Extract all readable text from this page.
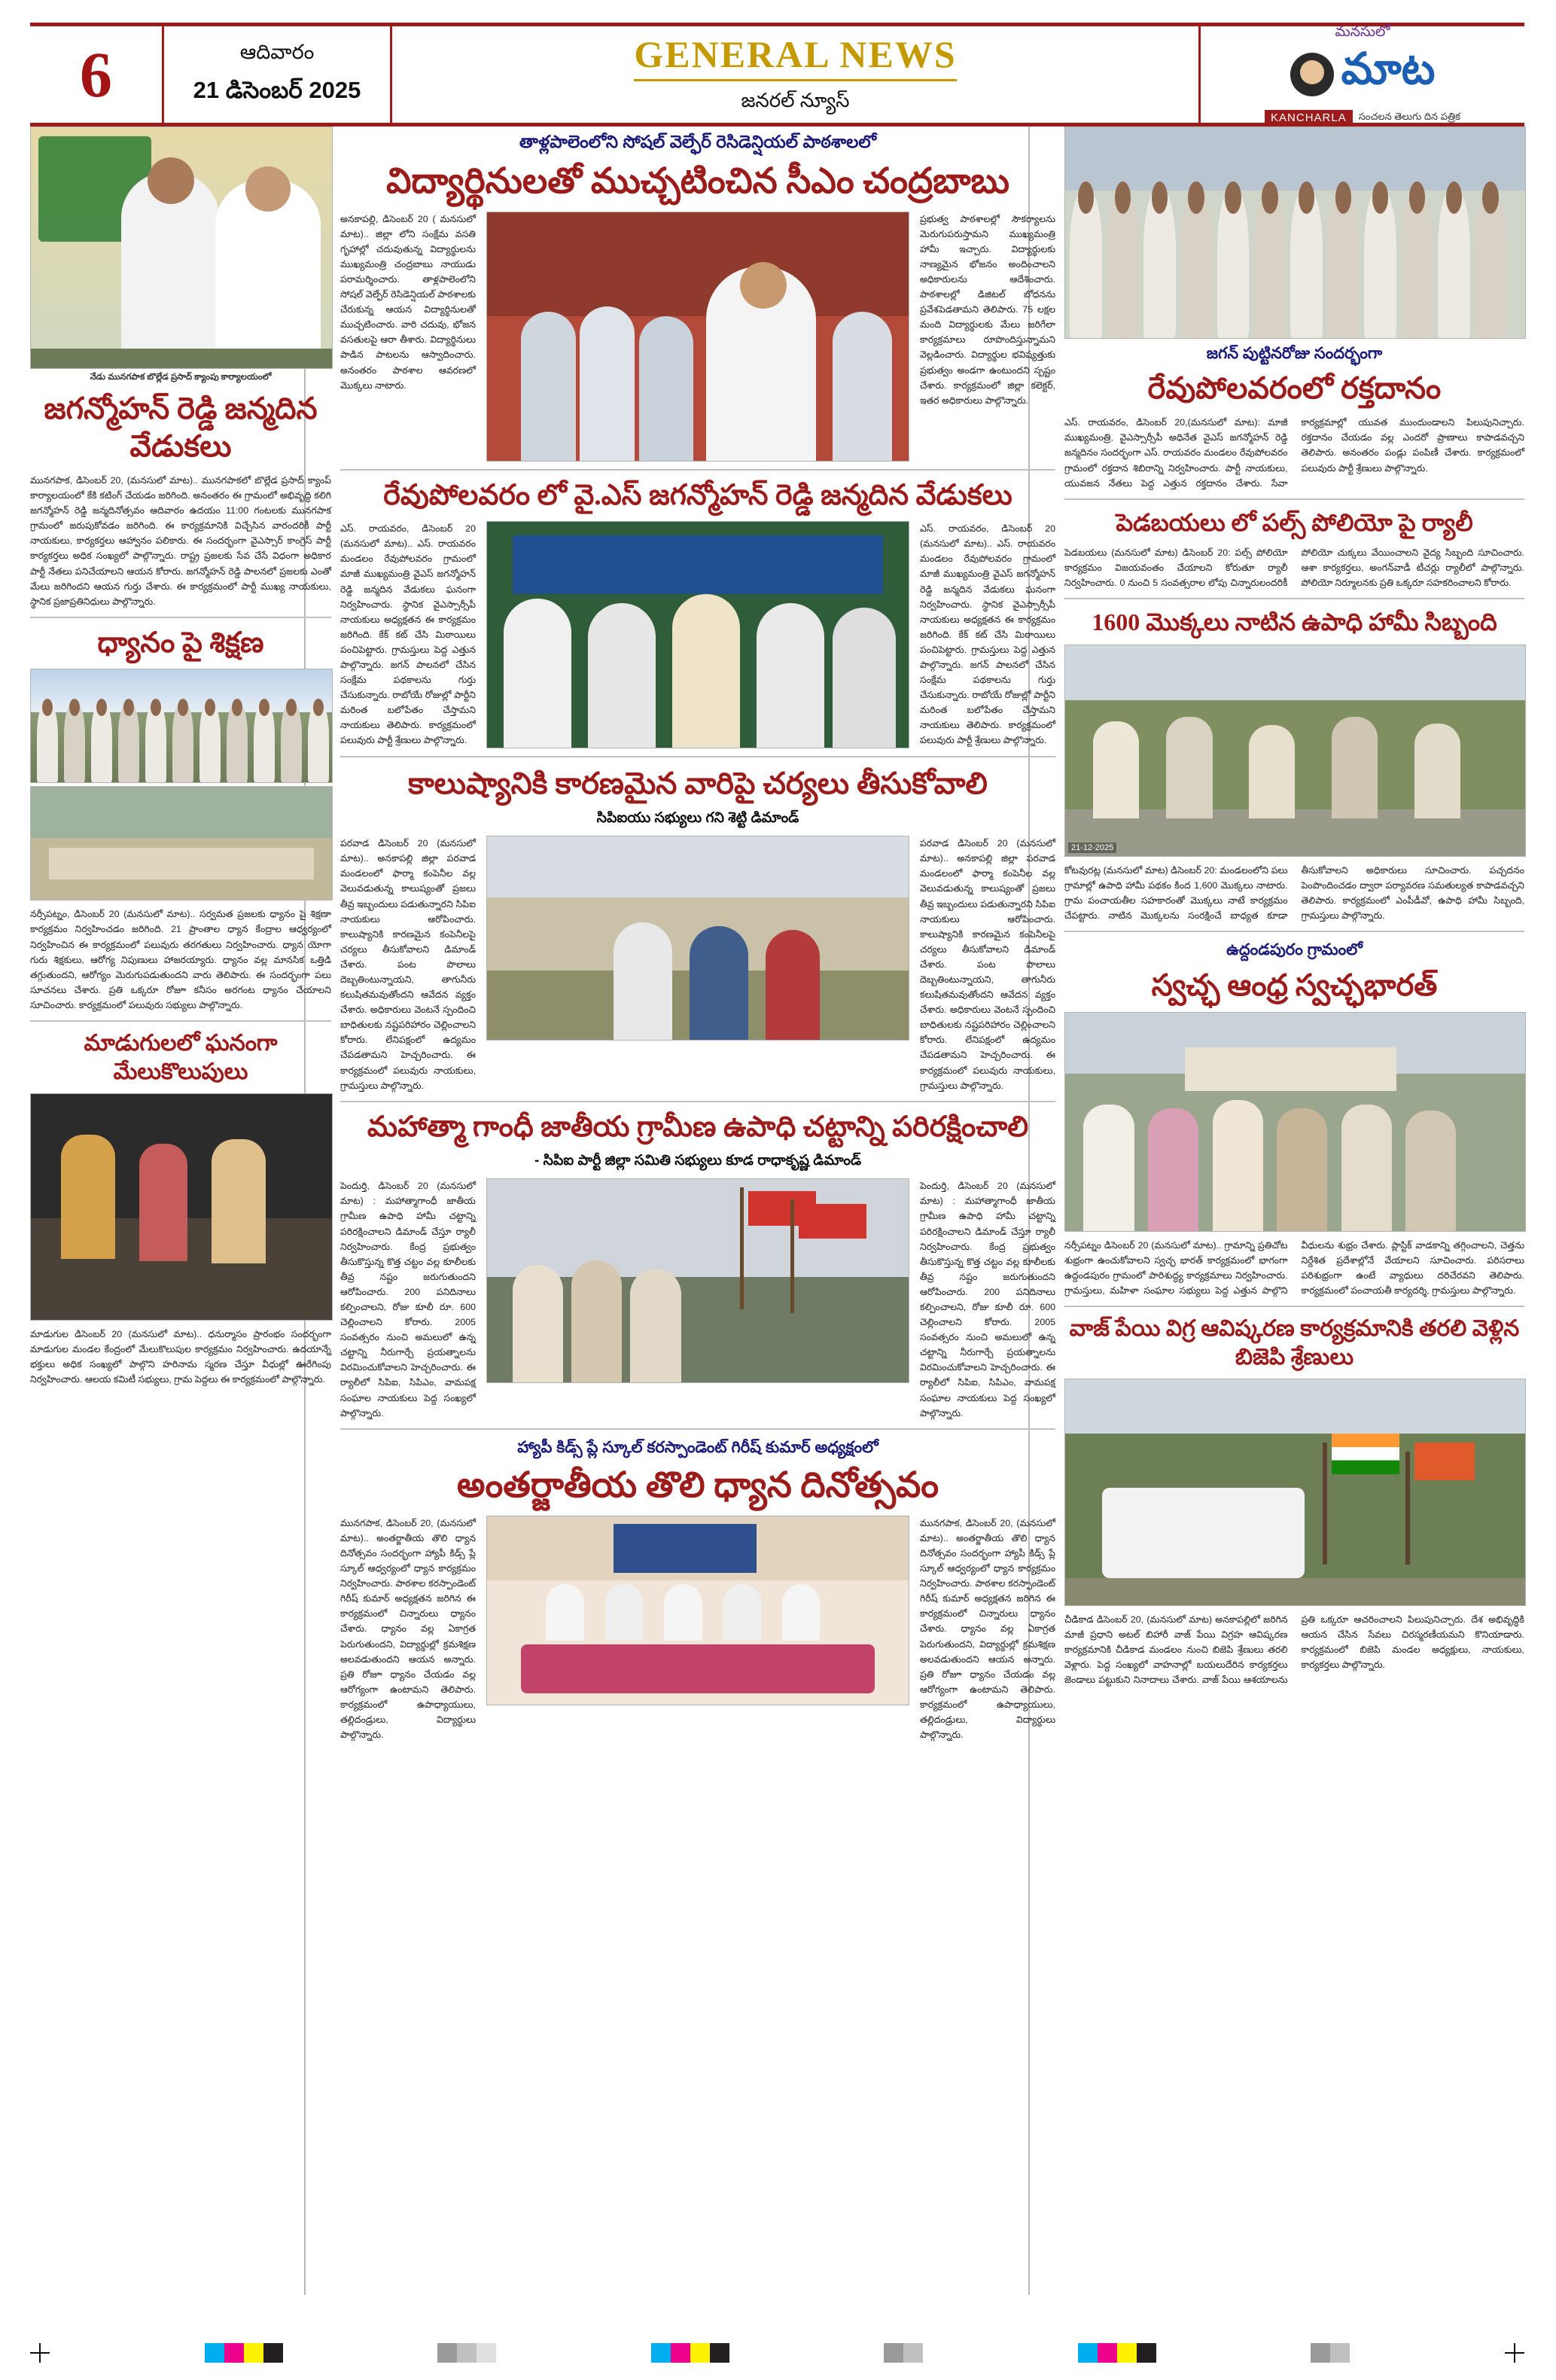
6	ఆదివారం
21 డిసెంబర్ 2025
GENERAL NEWS
జనరల్ న్యూస్
మనసులో
మాట
KANCHARLA	సంచలన తెలుగు దిన పత్రిక
నేడు మునగపాక బొల్లేడ ప్రసాద్ క్యాంపు కార్యాలయంలో
జగన్మోహన్ రెడ్డి జన్మదిన వేడుకలు
మునగపాక, డిసెంబర్ 20, (మనసులో మాట).. మునగపాకలో బొల్లేడ ప్రసాద్ క్యాంప్ కార్యాలయంలో కేకి కటింగ్ చేయడం జరిగింది. అనంతరం ఈ గ్రామంలో అభివృద్ధి కలిగి జగన్మోహన్ రెడ్డి జన్మదినోత్సవం ఆదివారం ఉదయం 11:00 గంటలకు మునగపాక గ్రామంలో జరుపుకోవడం జరిగింది. ఈ కార్యక్రమానికి విచ్చేసిన వారందరికీ పార్టీ నాయకులు, కార్యకర్తలు ఆహ్వానం పలికారు. ఈ సందర్భంగా వైఎస్సార్ కాంగ్రెస్ పార్టీ కార్యకర్తలు అధిక సంఖ్యలో పాల్గొన్నారు. రాష్ట్ర ప్రజలకు సేవ చేసే విధంగా అధికార పార్టీ నేతలు పనిచేయాలని ఆయన కోరారు. జగన్మోహన్ రెడ్డి పాలనలో ప్రజలకు ఎంతో మేలు జరిగిందని ఆయన గుర్తు చేశారు. ఈ కార్యక్రమంలో పార్టీ ముఖ్య నాయకులు, స్థానిక ప్రజాప్రతినిధులు పాల్గొన్నారు.
ధ్యానం పై శిక్షణ
నర్సీపట్నం, డిసెంబర్ 20 (మనసులో మాట).. సర్వమత ప్రజలకు ధ్యానం పై శిక్షణా కార్యక్రమం నిర్వహించడం జరిగింది. 21 ప్రాంతాల ధ్యాన కేంద్రాల ఆధ్వర్యంలో నిర్వహించిన ఈ కార్యక్రమంలో పలువురు తరగతులు నిర్వహించారు. ధ్యాన యోగా గురు శిక్షకులు, ఆరోగ్య నిపుణులు హాజరయ్యారు. ధ్యానం వల్ల మానసిక ఒత్తిడి తగ్గుతుందని, ఆరోగ్యం మెరుగుపడుతుందని వారు తెలిపారు. ఈ సందర్భంగా పలు సూచనలు చేశారు. ప్రతి ఒక్కరూ రోజూ కనీసం అరగంట ధ్యానం చేయాలని సూచించారు. కార్యక్రమంలో పలువురు సభ్యులు పాల్గొన్నారు.
మాడుగులలో ఘనంగా మేలుకొలుపులు
మాడుగుల డిసెంబర్ 20 (మనసులో మాట).. ధనుర్మాసం ప్రారంభం సందర్భంగా మాడుగుల మండల కేంద్రంలో మేలుకొలుపుల కార్యక్రమం నిర్వహించారు. ఉదయాన్నే భక్తులు అధిక సంఖ్యలో పాల్గొని హరినామ స్మరణ చేస్తూ వీధుల్లో ఊరేగింపు నిర్వహించారు. ఆలయ కమిటీ సభ్యులు, గ్రామ పెద్దలు ఈ కార్యక్రమంలో పాల్గొన్నారు.
తాళ్లపాలెంలోని సోషల్ వెల్ఫేర్ రెసిడెన్షియల్ పాఠశాలలో
విద్యార్థినులతో ముచ్చటించిన సీఎం చంద్రబాబు
అనకాపల్లి, డిసెంబర్ 20 ( మనసులో మాట).. జిల్లా లోని సంక్షేమ వసతి గృహాల్లో చదువుతున్న విద్యార్థులను ముఖ్యమంత్రి చంద్రబాబు నాయుడు పరామర్శించారు. తాళ్లపాలెంలోని సోషల్ వెల్ఫేర్ రెసిడెన్షియల్ పాఠశాలకు చేరుకున్న ఆయన విద్యార్థినులతో ముచ్చటించారు. వారి చదువు, భోజన వసతులపై ఆరా తీశారు. విద్యార్థినులు పాడిన పాటలను ఆస్వాదించారు. అనంతరం పాఠశాల ఆవరణలో మొక్కలు నాటారు.
ప్రభుత్వ పాఠశాలల్లో సౌకర్యాలను మెరుగుపరుస్తామని ముఖ్యమంత్రి హామీ ఇచ్చారు. విద్యార్థులకు నాణ్యమైన భోజనం అందించాలని అధికారులను ఆదేశించారు. పాఠశాలల్లో డిజిటల్ బోధనను ప్రవేశపెడతామని తెలిపారు. 75 లక్షల మంది విద్యార్థులకు మేలు జరిగేలా కార్యక్రమాలు రూపొందిస్తున్నామని వెల్లడించారు. విద్యార్థుల భవిష్యత్తుకు ప్రభుత్వం అండగా ఉంటుందని స్పష్టం చేశారు. కార్యక్రమంలో జిల్లా కలెక్టర్, ఇతర అధికారులు పాల్గొన్నారు.
రేవుపోలవరం లో వై.ఎస్ జగన్మోహన్ రెడ్డి జన్మదిన వేడుకలు
ఎస్. రాయవరం, డిసెంబర్ 20 (మనసులో మాట).. ఎస్. రాయవరం మండలం రేవుపోలవరం గ్రామంలో మాజీ ముఖ్యమంత్రి వైఎస్ జగన్మోహన్ రెడ్డి జన్మదిన వేడుకలు ఘనంగా నిర్వహించారు. స్థానిక వైఎస్సార్సీపీ నాయకులు అధ్యక్షతన ఈ కార్యక్రమం జరిగింది. కేక్ కట్ చేసి మిఠాయిలు పంచిపెట్టారు. గ్రామస్తులు పెద్ద ఎత్తున పాల్గొన్నారు. జగన్ పాలనలో చేసిన సంక్షేమ పథకాలను గుర్తు చేసుకున్నారు. రాబోయే రోజుల్లో పార్టీని మరింత బలోపేతం చేస్తామని నాయకులు తెలిపారు. కార్యక్రమంలో పలువురు పార్టీ శ్రేణులు పాల్గొన్నారు.
ఎస్. రాయవరం, డిసెంబర్ 20 (మనసులో మాట).. ఎస్. రాయవరం మండలం రేవుపోలవరం గ్రామంలో మాజీ ముఖ్యమంత్రి వైఎస్ జగన్మోహన్ రెడ్డి జన్మదిన వేడుకలు ఘనంగా నిర్వహించారు. స్థానిక వైఎస్సార్సీపీ నాయకులు అధ్యక్షతన ఈ కార్యక్రమం జరిగింది. కేక్ కట్ చేసి మిఠాయిలు పంచిపెట్టారు. గ్రామస్తులు పెద్ద ఎత్తున పాల్గొన్నారు. జగన్ పాలనలో చేసిన సంక్షేమ పథకాలను గుర్తు చేసుకున్నారు. రాబోయే రోజుల్లో పార్టీని మరింత బలోపేతం చేస్తామని నాయకులు తెలిపారు. కార్యక్రమంలో పలువురు పార్టీ శ్రేణులు పాల్గొన్నారు.
కాలుష్యానికి కారణమైన వారిపై చర్యలు తీసుకోవాలి
సిపిఐయు సభ్యులు గని శెట్టి డిమాండ్
పరవాడ డిసెంబర్ 20 (మనసులో మాట).. అనకాపల్లి జిల్లా పరవాడ మండలంలో ఫార్మా కంపెనీల వల్ల వెలువడుతున్న కాలుష్యంతో ప్రజలు తీవ్ర ఇబ్బందులు పడుతున్నారని సిపిఐ నాయకులు ఆరోపించారు. కాలుష్యానికి కారణమైన కంపెనీలపై చర్యలు తీసుకోవాలని డిమాండ్ చేశారు. పంట పొలాలు దెబ్బతింటున్నాయని, తాగునీరు కలుషితమవుతోందని ఆవేదన వ్యక్తం చేశారు. అధికారులు వెంటనే స్పందించి బాధితులకు నష్టపరిహారం చెల్లించాలని కోరారు. లేనిపక్షంలో ఉద్యమం చేపడతామని హెచ్చరించారు. ఈ కార్యక్రమంలో పలువురు నాయకులు, గ్రామస్తులు పాల్గొన్నారు.
పరవాడ డిసెంబర్ 20 (మనసులో మాట).. అనకాపల్లి జిల్లా పరవాడ మండలంలో ఫార్మా కంపెనీల వల్ల వెలువడుతున్న కాలుష్యంతో ప్రజలు తీవ్ర ఇబ్బందులు పడుతున్నారని సిపిఐ నాయకులు ఆరోపించారు. కాలుష్యానికి కారణమైన కంపెనీలపై చర్యలు తీసుకోవాలని డిమాండ్ చేశారు. పంట పొలాలు దెబ్బతింటున్నాయని, తాగునీరు కలుషితమవుతోందని ఆవేదన వ్యక్తం చేశారు. అధికారులు వెంటనే స్పందించి బాధితులకు నష్టపరిహారం చెల్లించాలని కోరారు. లేనిపక్షంలో ఉద్యమం చేపడతామని హెచ్చరించారు. ఈ కార్యక్రమంలో పలువురు నాయకులు, గ్రామస్తులు పాల్గొన్నారు.
మహాత్మా గాంధీ జాతీయ గ్రామీణ ఉపాధి చట్టాన్ని పరిరక్షించాలి
- సిపిఐ పార్టీ జిల్లా సమితి సభ్యులు కూడ రాధాకృష్ణ డిమాండ్
పెందుర్తి, డిసెంబర్ 20 (మనసులో మాట) : మహాత్మాగాంధీ జాతీయ గ్రామీణ ఉపాధి హామీ చట్టాన్ని పరిరక్షించాలని డిమాండ్ చేస్తూ ర్యాలీ నిర్వహించారు. కేంద్ర ప్రభుత్వం తీసుకొస్తున్న కొత్త చట్టం వల్ల కూలీలకు తీవ్ర నష్టం జరుగుతుందని ఆరోపించారు. 200 పనిదినాలు కల్పించాలని, రోజు కూలీ రూ. 600 చెల్లించాలని కోరారు. 2005 సంవత్సరం నుంచి అమలులో ఉన్న చట్టాన్ని నీరుగార్చే ప్రయత్నాలను విరమించుకోవాలని హెచ్చరించారు. ఈ ర్యాలీలో సిపిఐ, సిపిఎం, వామపక్ష సంఘాల నాయకులు పెద్ద సంఖ్యలో పాల్గొన్నారు.
పెందుర్తి, డిసెంబర్ 20 (మనసులో మాట) : మహాత్మాగాంధీ జాతీయ గ్రామీణ ఉపాధి హామీ చట్టాన్ని పరిరక్షించాలని డిమాండ్ చేస్తూ ర్యాలీ నిర్వహించారు. కేంద్ర ప్రభుత్వం తీసుకొస్తున్న కొత్త చట్టం వల్ల కూలీలకు తీవ్ర నష్టం జరుగుతుందని ఆరోపించారు. 200 పనిదినాలు కల్పించాలని, రోజు కూలీ రూ. 600 చెల్లించాలని కోరారు. 2005 సంవత్సరం నుంచి అమలులో ఉన్న చట్టాన్ని నీరుగార్చే ప్రయత్నాలను విరమించుకోవాలని హెచ్చరించారు. ఈ ర్యాలీలో సిపిఐ, సిపిఎం, వామపక్ష సంఘాల నాయకులు పెద్ద సంఖ్యలో పాల్గొన్నారు.
హ్యాపీ కిడ్స్ ప్లే స్కూల్ కరస్పాండెంట్ గిరీష్ కుమార్ అధ్యక్షంలో
అంతర్జాతీయ తొలి ధ్యాన దినోత్సవం
మునగపాక, డిసెంబర్ 20, (మనసులో మాట).. అంతర్జాతీయ తొలి ధ్యాన దినోత్సవం సందర్భంగా హ్యాపీ కిడ్స్ ప్లే స్కూల్ ఆధ్వర్యంలో ధ్యాన కార్యక్రమం నిర్వహించారు. పాఠశాల కరస్పాండెంట్ గిరీష్ కుమార్ అధ్యక్షతన జరిగిన ఈ కార్యక్రమంలో చిన్నారులు ధ్యానం చేశారు. ధ్యానం వల్ల ఏకాగ్రత పెరుగుతుందని, విద్యార్థుల్లో క్రమశిక్షణ అలవడుతుందని ఆయన అన్నారు. ప్రతి రోజూ ధ్యానం చేయడం వల్ల ఆరోగ్యంగా ఉంటామని తెలిపారు. కార్యక్రమంలో ఉపాధ్యాయులు, తల్లిదండ్రులు, విద్యార్థులు పాల్గొన్నారు.
మునగపాక, డిసెంబర్ 20, (మనసులో మాట).. అంతర్జాతీయ తొలి ధ్యాన దినోత్సవం సందర్భంగా హ్యాపీ కిడ్స్ ప్లే స్కూల్ ఆధ్వర్యంలో ధ్యాన కార్యక్రమం నిర్వహించారు. పాఠశాల కరస్పాండెంట్ గిరీష్ కుమార్ అధ్యక్షతన జరిగిన ఈ కార్యక్రమంలో చిన్నారులు ధ్యానం చేశారు. ధ్యానం వల్ల ఏకాగ్రత పెరుగుతుందని, విద్యార్థుల్లో క్రమశిక్షణ అలవడుతుందని ఆయన అన్నారు. ప్రతి రోజూ ధ్యానం చేయడం వల్ల ఆరోగ్యంగా ఉంటామని తెలిపారు. కార్యక్రమంలో ఉపాధ్యాయులు, తల్లిదండ్రులు, విద్యార్థులు పాల్గొన్నారు.
జగన్ పుట్టినరోజు సందర్భంగా
రేవుపోలవరంలో రక్తదానం
ఎస్. రాయవరం, డిసెంబర్ 20,(మనసులో మాట): మాజీ ముఖ్యమంత్రి, వైఎస్సార్సీపీ అధినేత వైఎస్ జగన్మోహన్ రెడ్డి జన్మదినం సందర్భంగా ఎస్. రాయవరం మండలం రేవుపోలవరం గ్రామంలో రక్తదాన శిబిరాన్ని నిర్వహించారు. పార్టీ నాయకులు, యువజన నేతలు పెద్ద ఎత్తున రక్తదానం చేశారు. సేవా కార్యక్రమాల్లో యువత ముందుండాలని పిలుపునిచ్చారు. రక్తదానం చేయడం వల్ల ఎందరో ప్రాణాలు కాపాడవచ్చని తెలిపారు. అనంతరం పండ్లు పంపిణీ చేశారు. కార్యక్రమంలో పలువురు పార్టీ శ్రేణులు పాల్గొన్నారు.
పెడబయలు లో పల్స్ పోలియో పై ర్యాలీ
పెడబయలు (మనసులో మాట) డిసెంబర్ 20: పల్స్ పోలియో కార్యక్రమం విజయవంతం చేయాలని కోరుతూ ర్యాలీ నిర్వహించారు. 0 నుంచి 5 సంవత్సరాల లోపు చిన్నారులందరికీ పోలియో చుక్కలు వేయించాలని వైద్య సిబ్బంది సూచించారు. ఆశా కార్యకర్తలు, అంగన్‌వాడీ టీచర్లు ర్యాలీలో పాల్గొన్నారు. పోలియో నిర్మూలనకు ప్రతి ఒక్కరూ సహకరించాలని కోరారు.
1600 మొక్కలు నాటిన ఉపాధి హామీ సిబ్బంది
21-12-2025
కోటవురట్ల (మనసులో మాట) డిసెంబర్ 20: మండలంలోని పలు గ్రామాల్లో ఉపాధి హామీ పథకం కింద 1,600 మొక్కలు నాటారు. గ్రామ పంచాయతీల సహకారంతో మొక్కలు నాటే కార్యక్రమం చేపట్టారు. నాటిన మొక్కలను సంరక్షించే బాధ్యత కూడా తీసుకోవాలని అధికారులు సూచించారు. పచ్చదనం పెంపొందించడం ద్వారా పర్యావరణ సమతుల్యత కాపాడవచ్చని తెలిపారు. కార్యక్రమంలో ఎంపీడీవో, ఉపాధి హామీ సిబ్బంది, గ్రామస్తులు పాల్గొన్నారు.
ఉద్దండపురం గ్రామంలో
స్వచ్ఛ ఆంధ్ర స్వచ్ఛభారత్
నర్సీపట్నం డిసెంబర్ 20 (మనసులో మాట).. గ్రామాన్ని ప్రతిచోట శుభ్రంగా ఉంచుకోవాలని స్వచ్ఛ భారత్ కార్యక్రమంలో భాగంగా ఉద్దండపురం గ్రామంలో పారిశుద్ధ్య కార్యక్రమాలు నిర్వహించారు. గ్రామస్తులు, మహిళా సంఘాల సభ్యులు పెద్ద ఎత్తున పాల్గొని వీధులను శుభ్రం చేశారు. ప్లాస్టిక్ వాడకాన్ని తగ్గించాలని, చెత్తను నిర్దేశిత ప్రదేశాల్లోనే వేయాలని సూచించారు. పరిసరాలు పరిశుభ్రంగా ఉంటే వ్యాధులు దరిచేరవని తెలిపారు. కార్యక్రమంలో పంచాయతీ కార్యదర్శి, గ్రామస్తులు పాల్గొన్నారు.
వాజ్ పేయి విగ్ర ఆవిష్కరణ కార్యక్రమానికి తరలి వెళ్లిన బిజెపి శ్రేణులు
చీడికాడ డిసెంబర్ 20, (మనసులో మాట) అనకాపల్లిలో జరిగిన మాజీ ప్రధాని అటల్ బిహారీ వాజ్ పేయి విగ్రహ ఆవిష్కరణ కార్యక్రమానికి చీడికాడ మండలం నుంచి బిజెపి శ్రేణులు తరలి వెళ్లారు. పెద్ద సంఖ్యలో వాహనాల్లో బయలుదేరిన కార్యకర్తలు జెండాలు పట్టుకుని నినాదాలు చేశారు. వాజ్ పేయి ఆశయాలను ప్రతి ఒక్కరూ ఆచరించాలని పిలుపునిచ్చారు. దేశ అభివృద్ధికి ఆయన చేసిన సేవలు చిరస్మరణీయమని కొనియాడారు. కార్యక్రమంలో బిజెపి మండల అధ్యక్షులు, నాయకులు, కార్యకర్తలు పాల్గొన్నారు.
